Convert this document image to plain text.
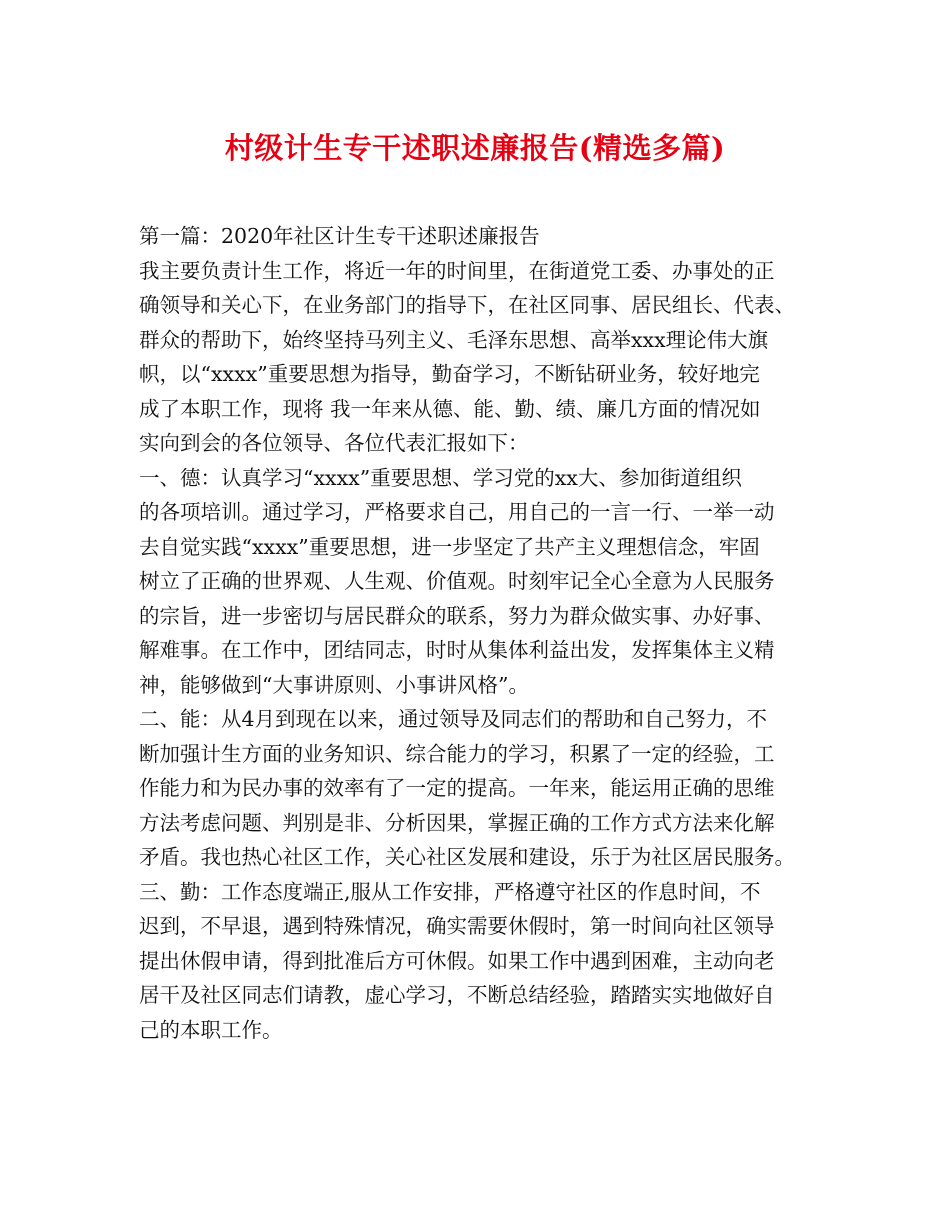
村级计生专干述职述廉报告(精选多篇)
第一篇：2020年社区计生专干述职述廉报告
我主要负责计生工作，将近一年的时间里，在街道党工委、办事处的正
确领导和关心下，在业务部门的指导下，在社区同事、居民组长、代表、
群众的帮助下，始终坚持马列主义、毛泽东思想、高举xxx理论伟大旗
帜，以“xxxx”重要思想为指导，勤奋学习，不断钻研业务，较好地完
成了本职工作，现将 我一年来从德、能、勤、绩、廉几方面的情况如
实向到会的各位领导、各位代表汇报如下：
一、德：认真学习“xxxx”重要思想、学习党的xx大、参加街道组织
的各项培训。通过学习，严格要求自己，用自己的一言一行、一举一动
去自觉实践“xxxx”重要思想，进一步坚定了共产主义理想信念，牢固
树立了正确的世界观、人生观、价值观。时刻牢记全心全意为人民服务
的宗旨，进一步密切与居民群众的联系，努力为群众做实事、办好事、
解难事。在工作中，团结同志，时时从集体利益出发，发挥集体主义精
神，能够做到“大事讲原则、小事讲风格”。
二、能：从4月到现在以来，通过领导及同志们的帮助和自己努力，不
断加强计生方面的业务知识、综合能力的学习，积累了一定的经验，工
作能力和为民办事的效率有了一定的提高。一年来，能运用正确的思维
方法考虑问题、判别是非、分析因果，掌握正确的工作方式方法来化解
矛盾。我也热心社区工作，关心社区发展和建设，乐于为社区居民服务。
三、勤：工作态度端正,服从工作安排，严格遵守社区的作息时间，不
迟到，不早退，遇到特殊情况，确实需要休假时，第一时间向社区领导
提出休假申请，得到批准后方可休假。如果工作中遇到困难，主动向老
居干及社区同志们请教，虚心学习，不断总结经验，踏踏实实地做好自
己的本职工作。
